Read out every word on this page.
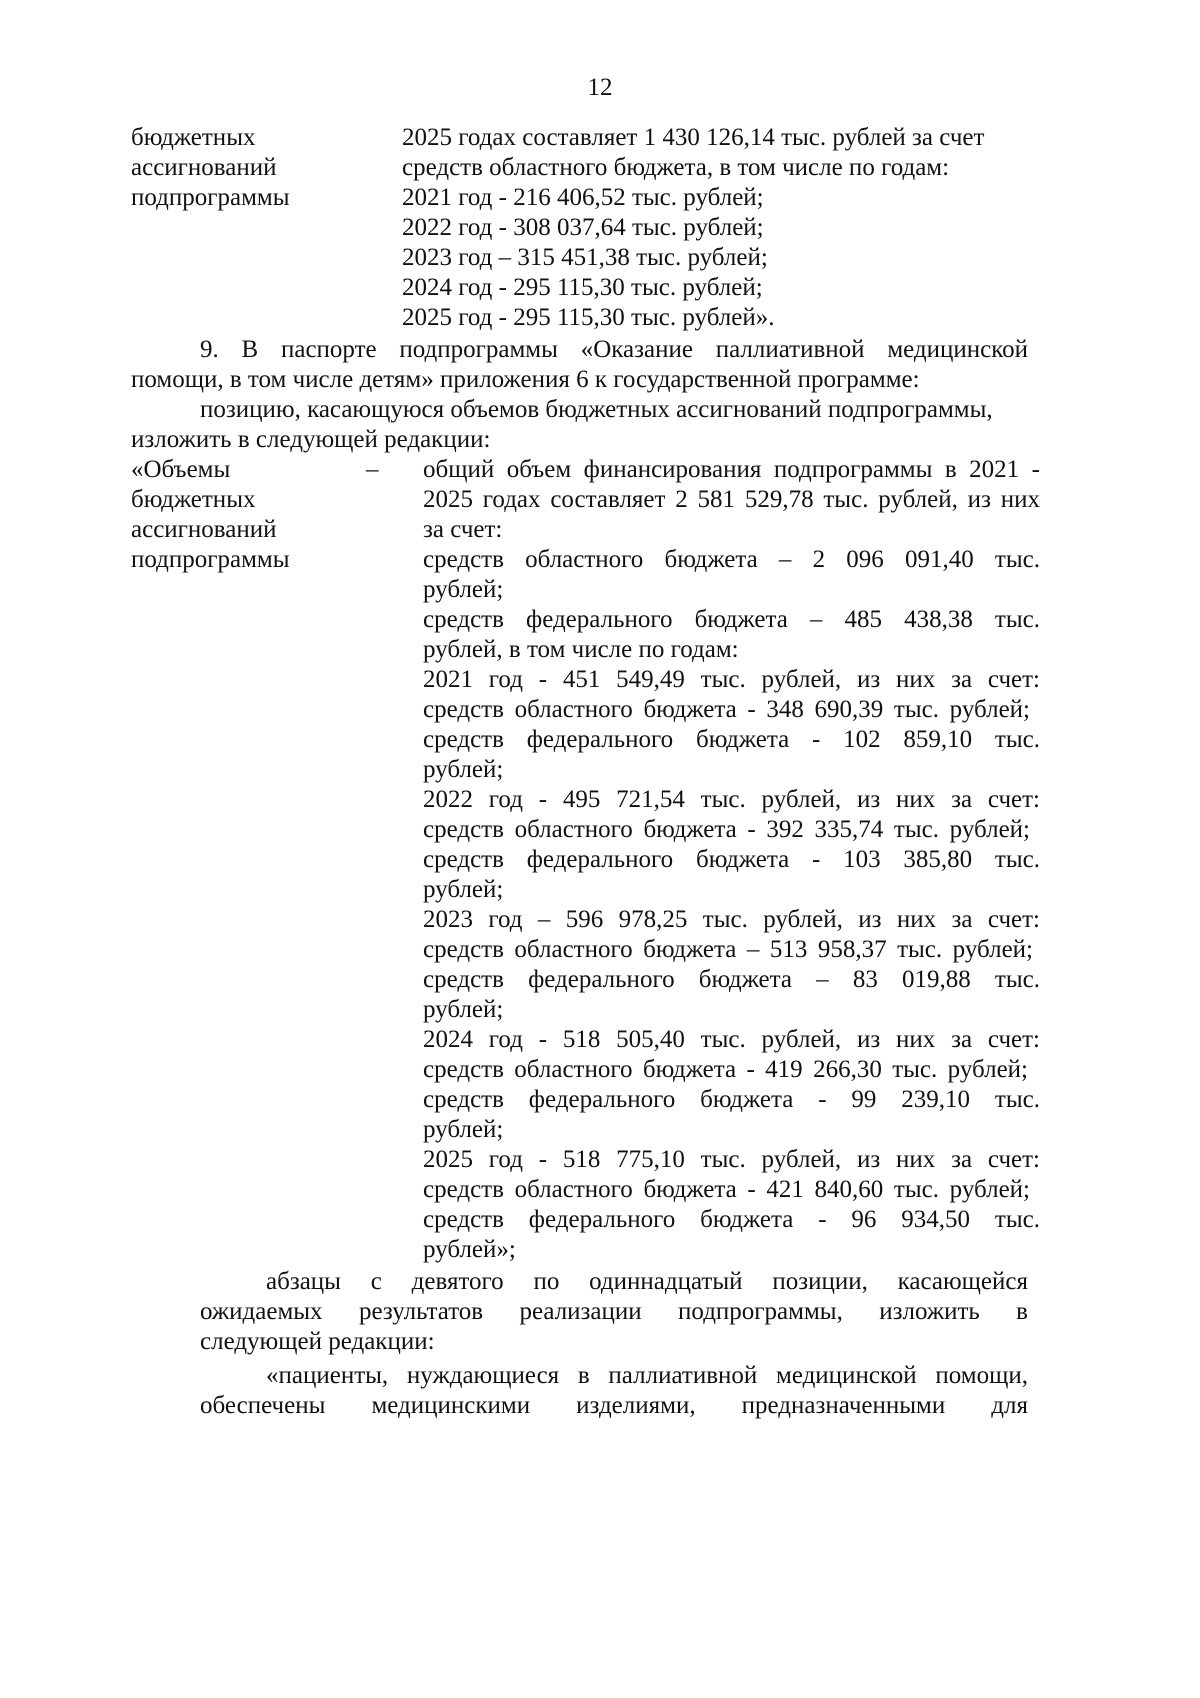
12
бюджетных
ассигнований
подпрограммы
2025 годах составляет 1 430 126,14 тыс. рублей за счет
средств областного бюджета, в том числе по годам:
2021 год - 216 406,52 тыс. рублей;
2022 год - 308 037,64 тыс. рублей;
2023 год – 315 451,38 тыс. рублей;
2024 год - 295 115,30 тыс. рублей;
2025 год - 295 115,30 тыс. рублей».
9. В паспорте подпрограммы «Оказание паллиативной медицинской
помощи, в том числе детям» приложения 6 к государственной программе:
позицию, касающуюся объемов бюджетных ассигнований подпрограммы,
изложить в следующей редакции:
«Объемы
бюджетных
ассигнований
подпрограммы
– общий объем финансирования подпрограммы в 2021 -
2025 годах составляет 2 581 529,78 тыс. рублей, из них
за счет:
средств областного бюджета – 2 096 091,40 тыс.
рублей;
средств федерального бюджета – 485 438,38 тыс.
рублей, в том числе по годам:
2021 год - 451 549,49 тыс. рублей, из них за счет:
средств областного бюджета - 348 690,39 тыс. рублей;
средств федерального бюджета - 102 859,10 тыс.
рублей;
2022 год - 495 721,54 тыс. рублей, из них за счет:
средств областного бюджета - 392 335,74 тыс. рублей;
средств федерального бюджета - 103 385,80 тыс.
рублей;
2023 год – 596 978,25 тыс. рублей, из них за счет:
средств областного бюджета – 513 958,37 тыс. рублей;
средств федерального бюджета – 83 019,88 тыс.
рублей;
2024 год - 518 505,40 тыс. рублей, из них за счет:
средств областного бюджета - 419 266,30 тыс. рублей;
средств федерального бюджета - 99 239,10 тыс.
рублей;
2025 год - 518 775,10 тыс. рублей, из них за счет:
средств областного бюджета - 421 840,60 тыс. рублей;
средств федерального бюджета - 96 934,50 тыс.
рублей»;
абзацы с девятого по одиннадцатый позиции, касающейся
ожидаемых результатов реализации подпрограммы, изложить в
следующей редакции:
«пациенты, нуждающиеся в паллиативной медицинской помощи,
обеспечены медицинскими изделиями, предназначенными для
